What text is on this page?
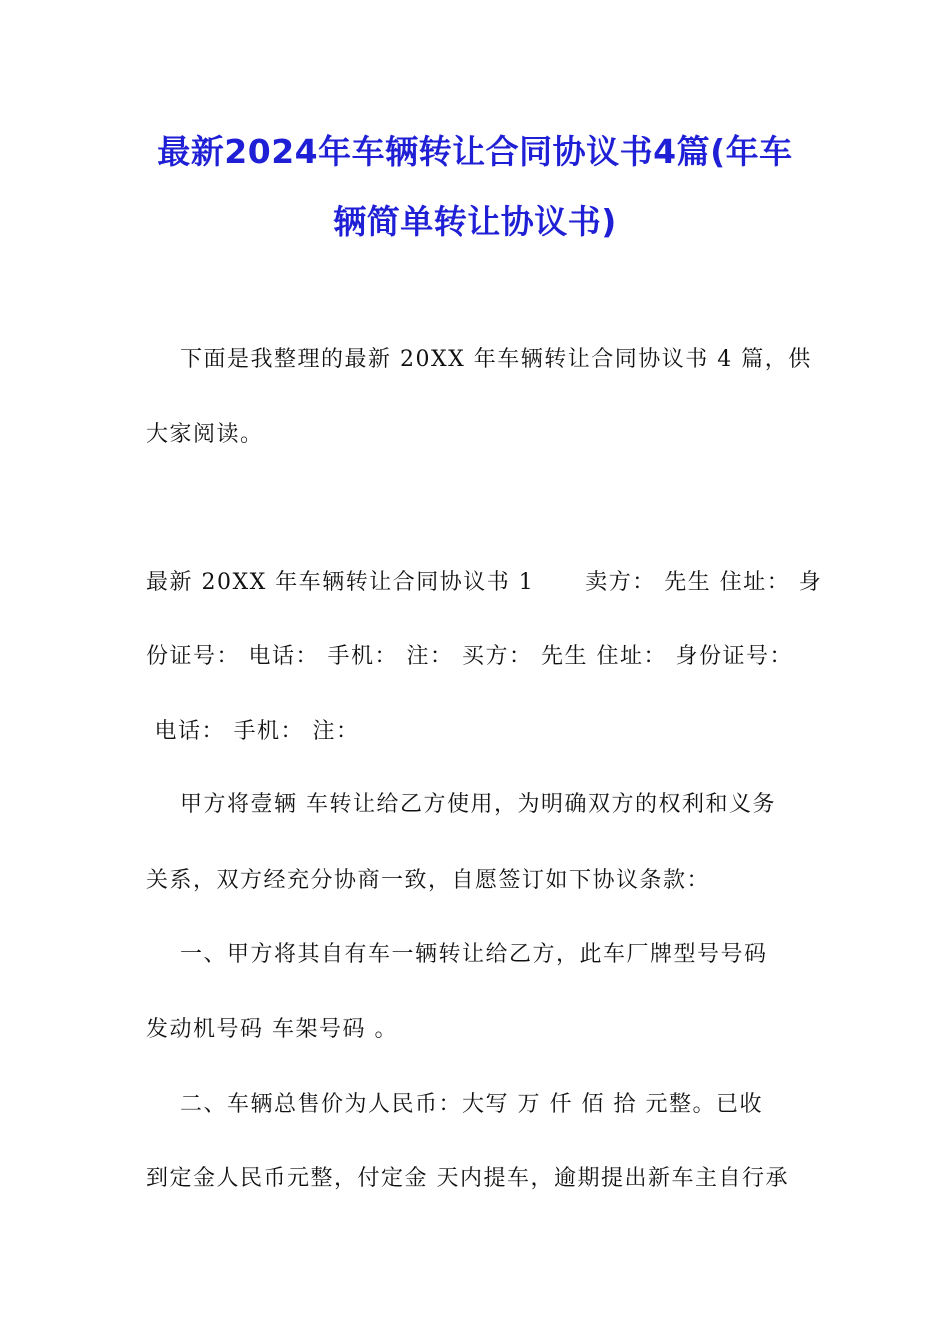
最新2024年车辆转让合同协议书4篇(年车
辆简单转让协议书)
下面是我整理的最新 20XX 年车辆转让合同协议书 4 篇，供
大家阅读。
最新 20XX 年车辆转让合同协议书 1      卖方： 先生 住址： 身
份证号： 电话： 手机： 注： 买方： 先生 住址： 身份证号：
电话： 手机： 注：
甲方将壹辆 车转让给乙方使用，为明确双方的权利和义务
关系，双方经充分协商一致，自愿签订如下协议条款：
一、甲方将其自有车一辆转让给乙方，此车厂牌型号号码
发动机号码 车架号码 。
二、车辆总售价为人民币：大写 万 仟 佰 拾 元整。已收
到定金人民币元整，付定金 天内提车，逾期提出新车主自行承
